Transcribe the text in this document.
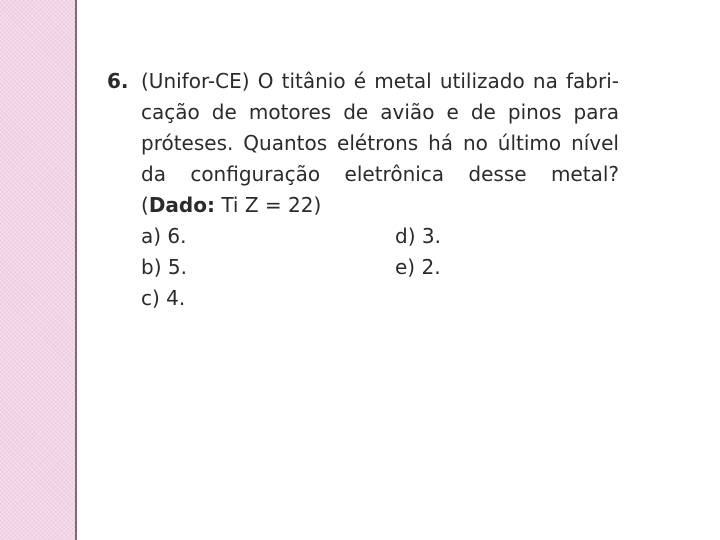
6. (Unifor-CE) O titânio é metal utilizado na fabri-
cação de motores de avião e de pinos para
próteses. Quantos elétrons há no último nível
da configuração eletrônica desse metal?
(Dado: Ti Z = 22)
a) 6.
b) 5.
c) 4.
d) 3.
e) 2.
